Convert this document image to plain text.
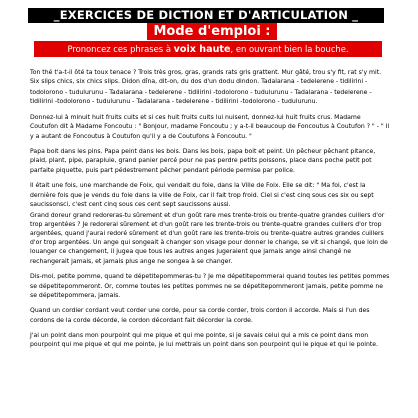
_EXERCICES DE DICTION ET D'ARTICULATION _
Mode d'emploi :
Prononcez ces phrases à voix haute, en ouvrant bien la bouche.

Ton thé t'a-t-il ôté ta toux tenace ? Trois très gros, gras, grands rats gris grattent. Mur gâté, trou s'y fit, rat s'y mit. Six slips chics, six chics slips. Didon dîna, dit-on, du dos d'un dodu dindon. Tadalarana - tedelerene - tidilirini -

todolorono - tudulurunu - Tadalarana - tedelerene - tidilirini -todolorono - tudulurunu - Tadalarana - tedelerene - tidilirini -todolorono - tudulurunu - Tadalarana - tedelerene - tidilirini -todolorono - tudulurunu.

Donnez-lui à minuit huit fruits cuits et si ces huit fruits cuits lui nuisent, donnez-lui huit fruits crus. Madame Coutufon dit à Madame Foncoutu : " Bonjour, madame Foncoutu ; y a-t-il beaucoup de Foncoutus à Coutufon ? " - " Il y a autant de Foncoutus à Coutufon qu'il y a de Coutufons à Foncoutu. "

Papa boit dans les pins. Papa peint dans les bois. Dans les bois, papa boit et peint. Un pêcheur pêchant pitance, plaid, plant, pipe, parapluie, grand panier percé pour ne pas perdre petits poissons, place dans poche petit pot parfaite piquette, puis part pédestrement pêcher pendant période permise par police.

Il était une fois, une marchande de Foix, qui vendait du foie, dans la Ville de Foix. Elle se dit: " Ma foi, c'est la dernière fois que je vends du foie dans la ville de Foix, car il fait trop froid. Ciel si c'est cinq sous ces six ou sept saucissonsci, c'est cent cinq sous ces cent sept saucissons aussi.

Grand doreur grand redoreras-tu sûrement et d'un goût rare mes trente-trois ou trente-quatre grandes cuillers d'or trop argentées ? Je redorerai sûrement et d'un goût rare les trente-trois ou trente-quatre grandes cuillers d'or trop argentées, quand j'aurai redoré sûrement et d'un goût rare les trente-trois ou trente-quatre autres grandes cuillers d'or trop argentées. Un ange qui songeait à changer son visage pour donner le change, se vit si changé, que loin de louanger ce changement, il jugea que tous les autres anges jugeraient que jamais ange ainsi changé ne rechangerait jamais, et jamais plus ange ne songea à se changer.

Dis-moi, petite pomme, quand te dépetitepommeras-tu ? Je me dépetitepommerai quand toutes les petites pommes se dépetitepommeront. Or, comme toutes les petites pommes ne se dépetitepommeront jamais, petite pomme ne se dépetitepommera, jamais.

Quand un cordier cordant veut corder une corde, pour sa corde corder, trois cordon il accorde. Mais si l'un des cordons de la corde décorde, le cordon décordant fait décorder la corde.

J'ai un point dans mon pourpoint qui me pique et qui me pointe, si je savais celui qui a mis ce point dans mon pourpoint qui me pique et qui me pointe, je lui mettrais un point dans son pourpoint qui le pique et qui le pointe.
